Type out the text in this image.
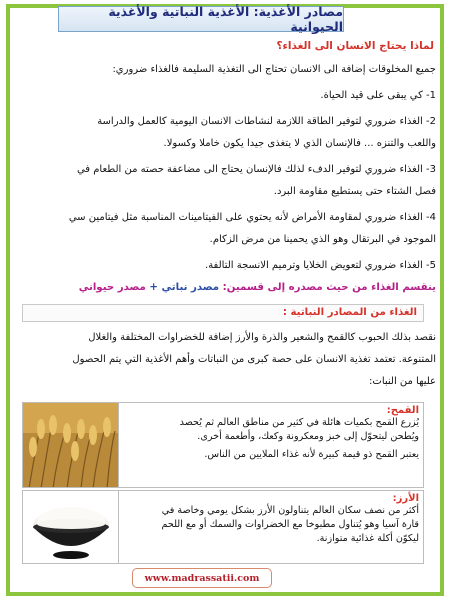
مصادر الأغذية: الأغذية النباتية والأغذية الحيوانية
لماذا يحتاج الانسان الى الغذاء؟
جميع المخلوقات إضافة الى الانسان تحتاج الى التغذية السليمة فالغذاء ضروري:
1- كي يبقى على قيد الحياة.
2- الغذاء ضروري لتوفير الطاقة اللازمة لنشاطات الانسان اليومية كالعمل والدراسة
واللعب والتنزه ... فالإنسان الذي لا يتغذى جيدا يكون خاملا وكسولا.
3- الغذاء ضروري لتوفير الدفء لذلك فالإنسان يحتاج الى مضاعفة حصته من الطعام في
فصل الشتاء حتى يستطيع مقاومة البرد.
4- الغذاء ضروري لمقاومة الأمراض لأنه يحتوي على الفيتامينات المناسبة مثل فيتامين سي
الموجود في البرتقال وهو الذي يحمينا من مرض الزكام.
5- الغذاء ضروري لتعويض الخلايا وترميم الانسجة التالفة.
ينقسم الغذاء من حيث مصدره إلى قسمين: مصدر نباتي + مصدر حيواني
الغذاء من المصادر النباتية :
نقصد بذلك الحبوب كالقمح والشعير والذرة والأرز إضافة للخضراوات المختلفة والغلال
المتنوعة. تعتمد تغذية الانسان على حصة كبرى من النباتات وأهم الأغذية التي يتم الحصول
عليها من النبات:
القمح:
يُزرع القمح بكميات هائلة في كثير من مناطق العالم ثم يُحصد
ويُطحن ليتحوّل إلى خبز ومعكرونة وكعك، وأطعمة أخرى.
يعتبر القمح ذو قيمة كبيرة لأنه غذاء الملايين من الناس.
الأرز:
أكثر من نصف سكان العالم يتناولون الأرز بشكل يومي وخاصة في
قارة آسيا وهو يُتناول مطبوخا مع الخضراوات والسمك أو مع اللحم
ليكوّن أكلة غذائية متوازنة.
www.madrassatii.com
